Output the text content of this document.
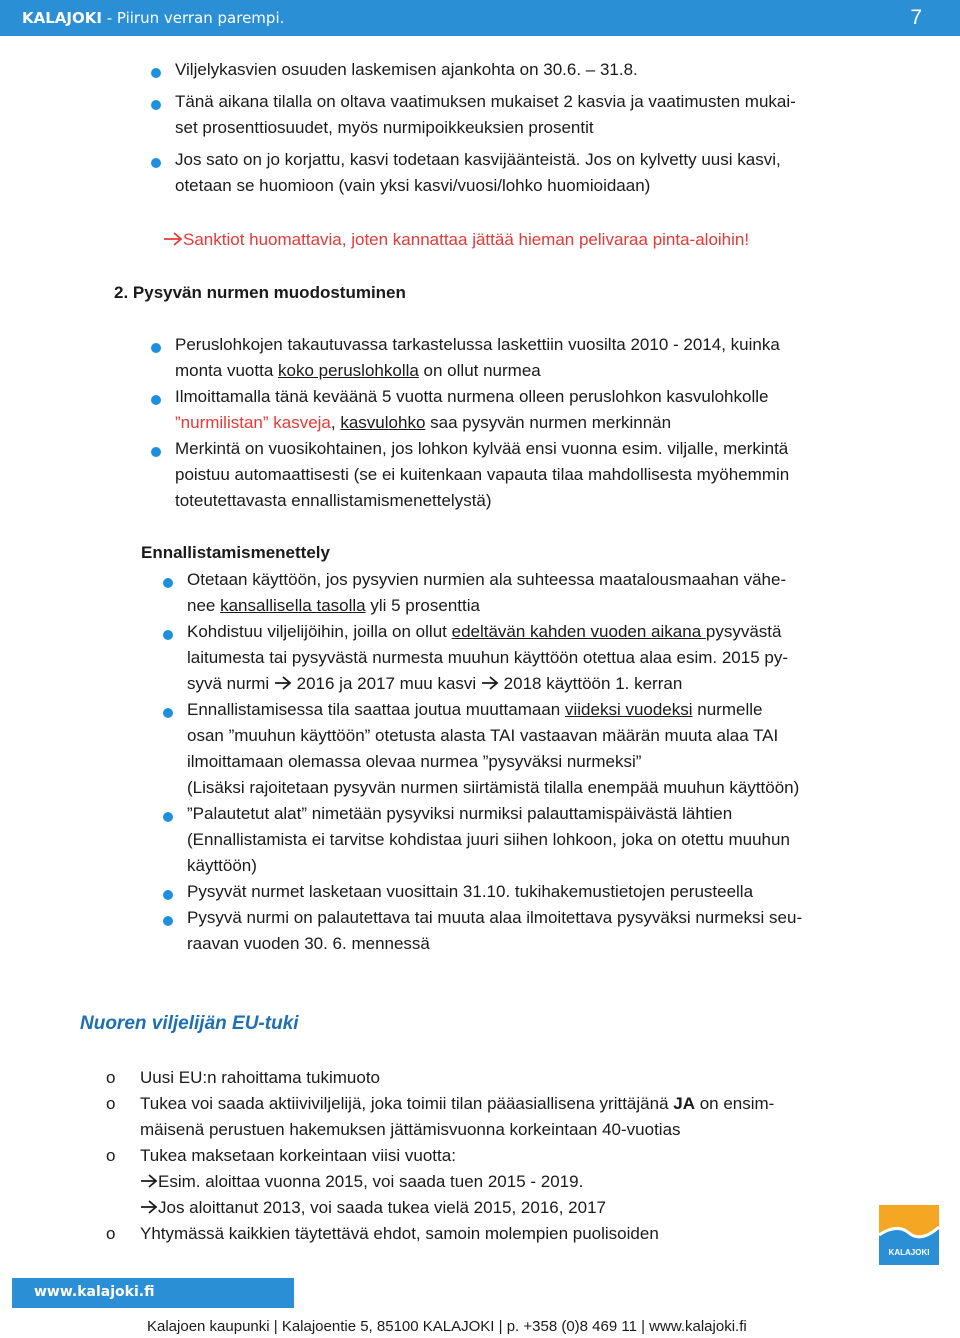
KALAJOKI - Piirun verran parempi.	7
Viljelykasvien osuuden laskemisen ajankohta on 30.6. – 31.8.
Tänä aikana tilalla on oltava vaatimuksen mukaiset 2 kasvia ja vaatimusten mukai-
set prosenttiosuudet, myös nurmipoikkeuksien prosentit
Jos sato on jo korjattu, kasvi todetaan kasvijäänteistä. Jos on kylvetty uusi kasvi,
otetaan se huomioon (vain yksi kasvi/vuosi/lohko huomioidaan)
Sanktiot huomattavia, joten kannattaa jättää hieman pelivaraa pinta-aloihin!
2. Pysyvän nurmen muodostuminen
Peruslohkojen takautuvassa tarkastelussa laskettiin vuosilta 2010 - 2014, kuinka
monta vuotta koko peruslohkolla on ollut nurmea
Ilmoittamalla tänä keväänä 5 vuotta nurmena olleen peruslohkon kasvulohkolle
”nurmilistan” kasveja, kasvulohko saa pysyvän nurmen merkinnän
Merkintä on vuosikohtainen, jos lohkon kylvää ensi vuonna esim. viljalle, merkintä
poistuu automaattisesti (se ei kuitenkaan vapauta tilaa mahdollisesta myöhemmin
toteutettavasta ennallistamismenettelystä)
Ennallistamismenettely
Otetaan käyttöön, jos pysyvien nurmien ala suhteessa maatalousmaahan vähe-
nee kansallisella tasolla yli 5 prosenttia
Kohdistuu viljelijöihin, joilla on ollut edeltävän kahden vuoden aikana pysyvästä
laitumesta tai pysyvästä nurmesta muuhun käyttöön otettua alaa esim. 2015 py-
syvä nurmi  2016 ja 2017 muu kasvi  2018 käyttöön 1. kerran
Ennallistamisessa tila saattaa joutua muuttamaan viideksi vuodeksi nurmelle
osan ”muuhun käyttöön” otetusta alasta TAI vastaavan määrän muuta alaa TAI
ilmoittamaan olemassa olevaa nurmea ”pysyväksi nurmeksi”
(Lisäksi rajoitetaan pysyvän nurmen siirtämistä tilalla enempää muuhun käyttöön)
”Palautetut alat” nimetään pysyviksi nurmiksi palauttamispäivästä lähtien
(Ennallistamista ei tarvitse kohdistaa juuri siihen lohkoon, joka on otettu muuhun
käyttöön)
Pysyvät nurmet lasketaan vuosittain 31.10. tukihakemustietojen perusteella
Pysyvä nurmi on palautettava tai muuta alaa ilmoitettava pysyväksi nurmeksi seu-
raavan vuoden 30. 6. mennessä
Nuoren viljelijän EU-tuki
o Uusi EU:n rahoittama tukimuoto
o Tukea voi saada aktiiviviljelijä, joka toimii tilan pääasiallisena yrittäjänä JA on ensim-
mäisenä perustuen hakemuksen jättämisvuonna korkeintaan 40-vuotias
o Tukea maksetaan korkeintaan viisi vuotta:
Esim. aloittaa vuonna 2015, voi saada tuen 2015 - 2019.
Jos aloittanut 2013, voi saada tukea vielä 2015, 2016, 2017
o Yhtymässä kaikkien täytettävä ehdot, samoin molempien puolisoiden
KALAJOKI
www.kalajoki.fi
Kalajoen kaupunki | Kalajoentie 5, 85100 KALAJOKI | p. +358 (0)8 469 11 | www.kalajoki.fi
